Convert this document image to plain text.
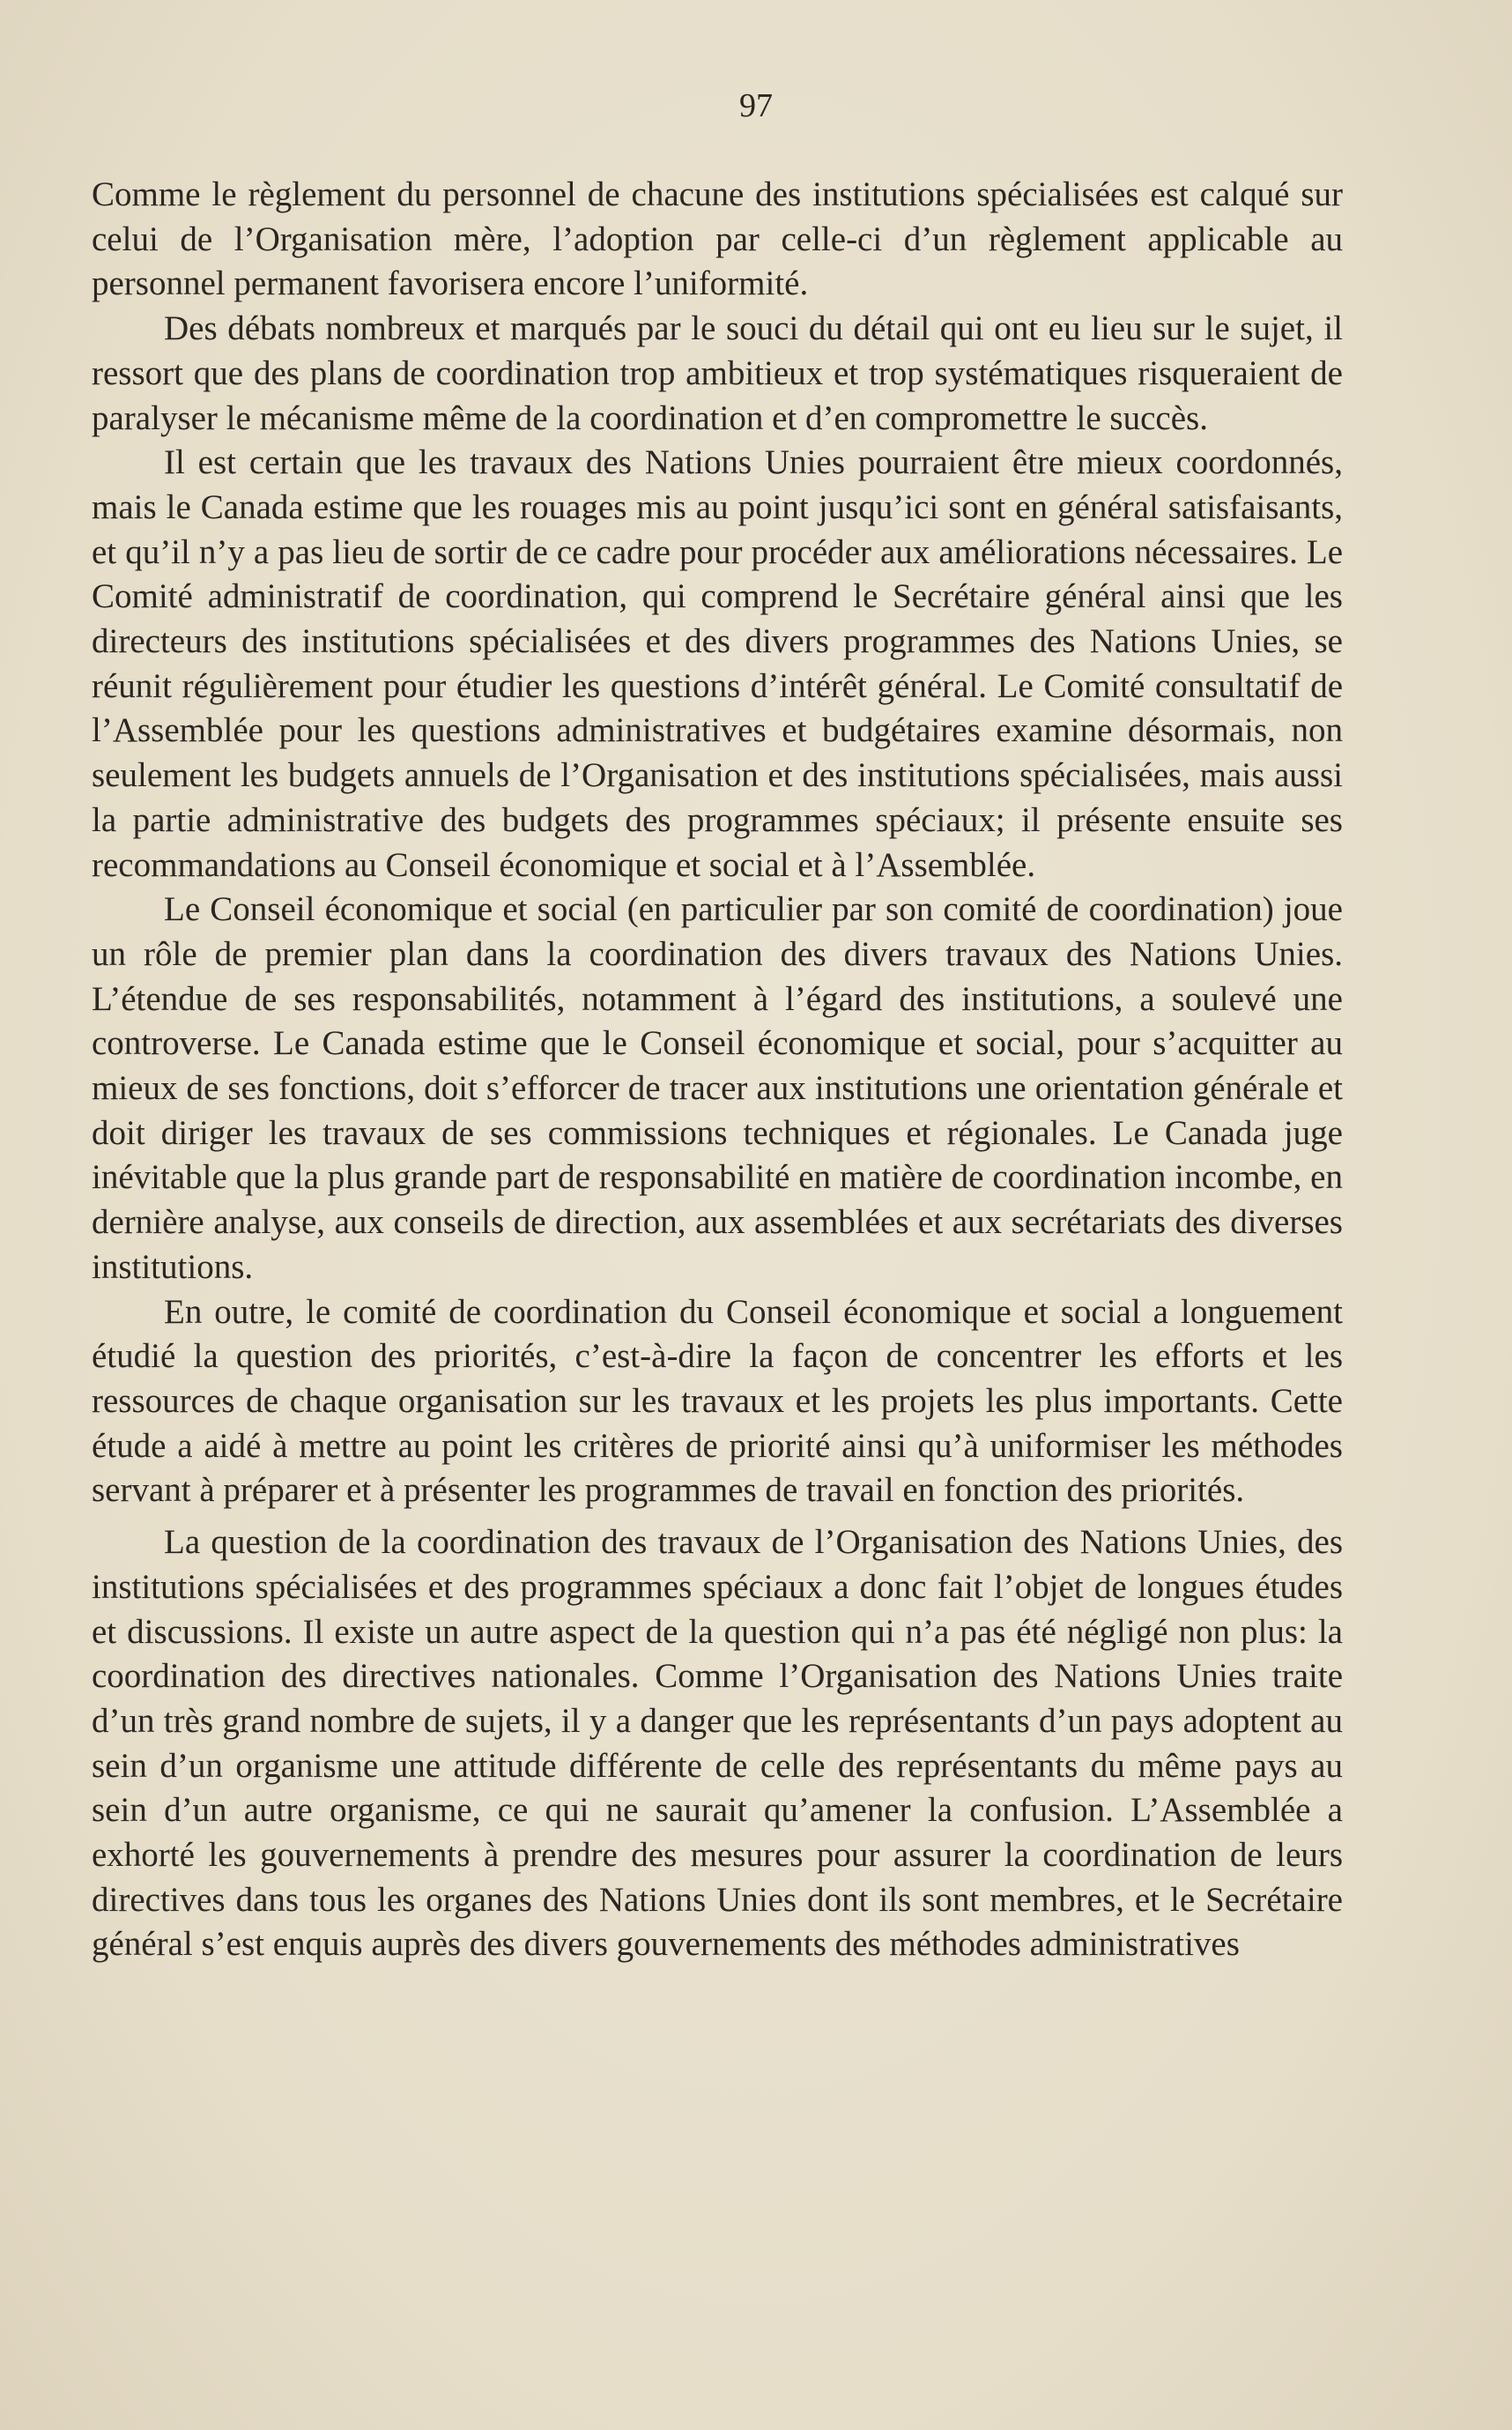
97

Comme le règlement du personnel de chacune des institutions spécialisées est calqué sur celui de l’Organisation mère, l’adoption par celle-ci d’un règlement applicable au personnel permanent favorisera encore l’uniformité.

Des débats nombreux et marqués par le souci du détail qui ont eu lieu sur le sujet, il ressort que des plans de coordination trop ambitieux et trop systématiques risqueraient de paralyser le mécanisme même de la coordination et d’en compromettre le succès.

Il est certain que les travaux des Nations Unies pourraient être mieux coordonnés, mais le Canada estime que les rouages mis au point jusqu’ici sont en général satisfaisants, et qu’il n’y a pas lieu de sortir de ce cadre pour procéder aux améliorations nécessaires. Le Comité administratif de coordination, qui comprend le Secrétaire général ainsi que les directeurs des institutions spécialisées et des divers programmes des Nations Unies, se réunit régulièrement pour étudier les questions d’intérêt général. Le Comité consultatif de l’Assemblée pour les questions administratives et budgétaires examine désormais, non seulement les budgets annuels de l’Organisation et des institutions spécialisées, mais aussi la partie administrative des budgets des programmes spéciaux; il présente ensuite ses recommandations au Conseil économique et social et à l’Assemblée.

Le Conseil économique et social (en particulier par son comité de coordination) joue un rôle de premier plan dans la coordination des divers travaux des Nations Unies. L’étendue de ses responsabilités, notamment à l’égard des institutions, a soulevé une controverse. Le Canada estime que le Conseil économique et social, pour s’acquitter au mieux de ses fonctions, doit s’efforcer de tracer aux institutions une orientation générale et doit diriger les travaux de ses commissions techniques et régionales. Le Canada juge inévitable que la plus grande part de responsabilité en matière de coordination incombe, en dernière analyse, aux conseils de direction, aux assemblées et aux secrétariats des diverses institutions.

En outre, le comité de coordination du Conseil économique et social a longuement étudié la question des priorités, c’est-à-dire la façon de concentrer les efforts et les ressources de chaque organisation sur les travaux et les projets les plus importants. Cette étude a aidé à mettre au point les critères de priorité ainsi qu’à uniformiser les méthodes servant à préparer et à présenter les programmes de travail en fonction des priorités.

La question de la coordination des travaux de l’Organisation des Nations Unies, des institutions spécialisées et des programmes spéciaux a donc fait l’objet de longues études et discussions. Il existe un autre aspect de la question qui n’a pas été négligé non plus: la coordination des directives nationales. Comme l’Organisation des Nations Unies traite d’un très grand nombre de sujets, il y a danger que les représentants d’un pays adoptent au sein d’un organisme une attitude différente de celle des représentants du même pays au sein d’un autre organisme, ce qui ne saurait qu’amener la confusion. L’Assemblée a exhorté les gouvernements à prendre des mesures pour assurer la coordination de leurs directives dans tous les organes des Nations Unies dont ils sont membres, et le Secrétaire général s’est enquis auprès des divers gouvernements des méthodes administratives
